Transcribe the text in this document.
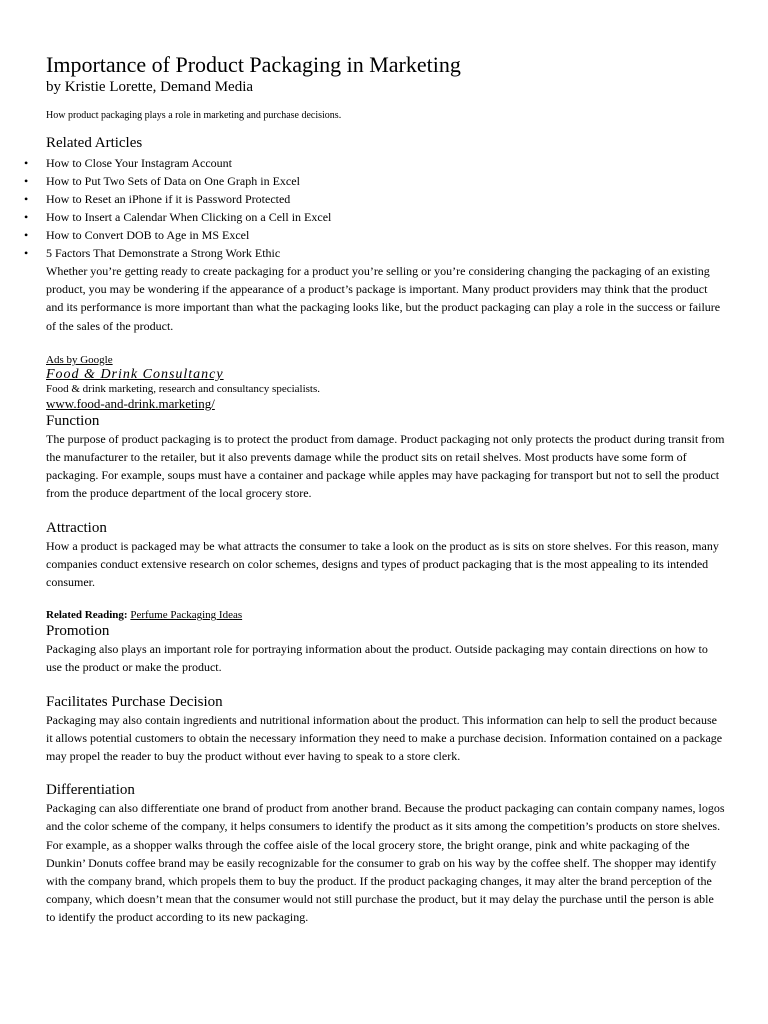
Importance of Product Packaging in Marketing

by Kristie Lorette, Demand Media

How product packaging plays a role in marketing and purchase decisions.

Related Articles
• How to Close Your Instagram Account
• How to Put Two Sets of Data on One Graph in Excel
• How to Reset an iPhone if it is Password Protected
• How to Insert a Calendar When Clicking on a Cell in Excel
• How to Convert DOB to Age in MS Excel
• 5 Factors That Demonstrate a Strong Work Ethic

Whether you’re getting ready to create packaging for a product you’re selling or you’re considering changing the packaging of an existing product, you may be wondering if the appearance of a product’s package is important. Many product providers may think that the product and its performance is more important than what the packaging looks like, but the product packaging can play a role in the success or failure of the sales of the product.

Ads by Google

Food & Drink Consultancy

Food & drink marketing, research and consultancy specialists.

www.food-and-drink.marketing/

Function

The purpose of product packaging is to protect the product from damage. Product packaging not only protects the product during transit from the manufacturer to the retailer, but it also prevents damage while the product sits on retail shelves. Most products have some form of packaging. For example, soups must have a container and package while apples may have packaging for transport but not to sell the product from the produce department of the local grocery store.

Attraction

How a product is packaged may be what attracts the consumer to take a look on the product as is sits on store shelves. For this reason, many companies conduct extensive research on color schemes, designs and types of product packaging that is the most appealing to its intended consumer.

Related Reading: Perfume Packaging Ideas

Promotion

Packaging also plays an important role for portraying information about the product. Outside packaging may contain directions on how to use the product or make the product.

Facilitates Purchase Decision

Packaging may also contain ingredients and nutritional information about the product. This information can help to sell the product because it allows potential customers to obtain the necessary information they need to make a purchase decision. Information contained on a package may propel the reader to buy the product without ever having to speak to a store clerk.

Differentiation

Packaging can also differentiate one brand of product from another brand. Because the product packaging can contain company names, logos and the color scheme of the company, it helps consumers to identify the product as it sits among the competition’s products on store shelves. For example, as a shopper walks through the coffee aisle of the local grocery store, the bright orange, pink and white packaging of the Dunkin’ Donuts coffee brand may be easily recognizable for the consumer to grab on his way by the coffee shelf. The shopper may identify with the company brand, which propels them to buy the product. If the product packaging changes, it may alter the brand perception of the company, which doesn’t mean that the consumer would not still purchase the product, but it may delay the purchase until the person is able to identify the product according to its new packaging.
